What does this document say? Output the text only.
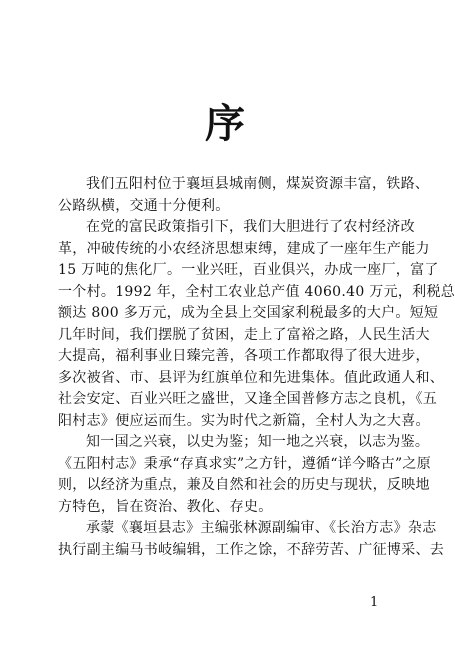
序
我们五阳村位于襄垣县城南侧，煤炭资源丰富，铁路、
公路纵横，交通十分便利。
在党的富民政策指引下，我们大胆进行了农村经济改
革，冲破传统的小农经济思想束缚，建成了一座年生产能力
15 万吨的焦化厂。一业兴旺，百业俱兴，办成一座厂，富了
一个村。1992 年，全村工农业总产值 4060.40 万元，利税总
额达 800 多万元，成为全县上交国家利税最多的大户。短短
几年时间，我们摆脱了贫困，走上了富裕之路，人民生活大
大提高，福利事业日臻完善，各项工作都取得了很大进步，
多次被省、市、县评为红旗单位和先进集体。值此政通人和、
社会安定、百业兴旺之盛世，又逢全国普修方志之良机，《五
阳村志》便应运而生。实为时代之新篇，全村人为之大喜。
知一国之兴衰，以史为鉴；知一地之兴衰，以志为鉴。
《五阳村志》秉承“存真求实”之方针，遵循“详今略古”之原
则，以经济为重点，兼及自然和社会的历史与现状，反映地
方特色，旨在资治、教化、存史。
承蒙《襄垣县志》主编张林源副编审、《长治方志》杂志
执行副主编马书岐编辑，工作之馀，不辞劳苦、广征博采、去
1
